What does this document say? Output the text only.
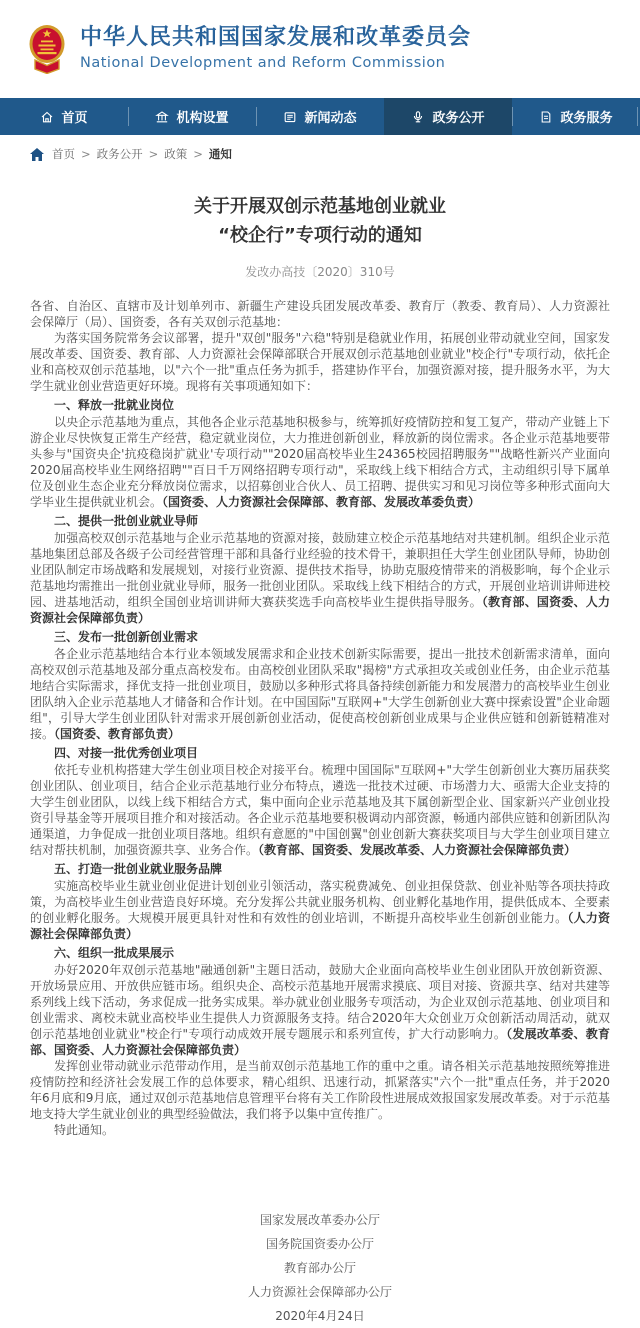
中华人民共和国国家发展和改革委员会
National Development and Reform Commission
首页	机构设置	新闻动态	政务公开	政务服务
首页 > 政务公开 > 政策 > 通知
关于开展双创示范基地创业就业
“校企行”专项行动的通知
发改办高技〔2020〕310号

各省、自治区、直辖市及计划单列市、新疆生产建设兵团发展改革委、教育厅（教委、教育局）、人力资源社会保障厅（局）、国资委，各有关双创示范基地：

为落实国务院常务会议部署，提升"双创"服务"六稳"特别是稳就业作用，拓展创业带动就业空间，国家发展改革委、国资委、教育部、人力资源社会保障部联合开展双创示范基地创业就业"校企行"专项行动，依托企业和高校双创示范基地，以"六个一批"重点任务为抓手，搭建协作平台，加强资源对接，提升服务水平，为大学生就业创业营造更好环境。现将有关事项通知如下：

一、释放一批就业岗位

以央企示范基地为重点，其他各企业示范基地积极参与，统筹抓好疫情防控和复工复产，带动产业链上下游企业尽快恢复正常生产经营，稳定就业岗位，大力推进创新创业，释放新的岗位需求。各企业示范基地要带头参与"国资央企'抗疫稳岗扩就业'专项行动""2020届高校毕业生24365校园招聘服务""战略性新兴产业面向2020届高校毕业生网络招聘""百日千万网络招聘专项行动"，采取线上线下相结合方式，主动组织引导下属单位及创业生态企业充分释放岗位需求，以招募创业合伙人、员工招聘、提供实习和见习岗位等多种形式面向大学毕业生提供就业机会。（国资委、人力资源社会保障部、教育部、发展改革委负责）

二、提供一批创业就业导师

加强高校双创示范基地与企业示范基地的资源对接，鼓励建立校企示范基地结对共建机制。组织企业示范基地集团总部及各级子公司经营管理干部和具备行业经验的技术骨干，兼职担任大学生创业团队导师，协助创业团队制定市场战略和发展规划，对接行业资源、提供技术指导，协助克服疫情带来的消极影响，每个企业示范基地均需推出一批创业就业导师，服务一批创业团队。采取线上线下相结合的方式，开展创业培训讲师进校园、进基地活动，组织全国创业培训讲师大赛获奖选手向高校毕业生提供指导服务。（教育部、国资委、人力资源社会保障部负责）

三、发布一批创新创业需求

各企业示范基地结合本行业本领域发展需求和企业技术创新实际需要，提出一批技术创新需求清单，面向高校双创示范基地及部分重点高校发布。由高校创业团队采取"揭榜"方式承担攻关或创业任务，由企业示范基地结合实际需求，择优支持一批创业项目，鼓励以多种形式将具备持续创新能力和发展潜力的高校毕业生创业团队纳入企业示范基地人才储备和合作计划。在中国国际"互联网+"大学生创新创业大赛中探索设置"企业命题组"，引导大学生创业团队针对需求开展创新创业活动，促使高校创新创业成果与企业供应链和创新链精准对接。（国资委、教育部负责）

四、对接一批优秀创业项目

依托专业机构搭建大学生创业项目校企对接平台。梳理中国国际"互联网+"大学生创新创业大赛历届获奖创业团队、创业项目，结合企业示范基地行业分布特点，遴选一批技术过硬、市场潜力大、亟需大企业支持的大学生创业团队，以线上线下相结合方式，集中面向企业示范基地及其下属创新型企业、国家新兴产业创业投资引导基金等开展项目推介和对接活动。各企业示范基地要积极调动内部资源，畅通内部供应链和创新团队沟通渠道，力争促成一批创业项目落地。组织有意愿的"中国创翼"创业创新大赛获奖项目与大学生创业项目建立结对帮扶机制，加强资源共享、业务合作。（教育部、国资委、发展改革委、人力资源社会保障部负责）

五、打造一批创业就业服务品牌

实施高校毕业生就业创业促进计划创业引领活动，落实税费减免、创业担保贷款、创业补贴等各项扶持政策，为高校毕业生创业营造良好环境。充分发挥公共就业服务机构、创业孵化基地作用，提供低成本、全要素的创业孵化服务。大规模开展更具针对性和有效性的创业培训，不断提升高校毕业生创新创业能力。（人力资源社会保障部负责）

六、组织一批成果展示

办好2020年双创示范基地"融通创新"主题日活动，鼓励大企业面向高校毕业生创业团队开放创新资源、开放场景应用、开放供应链市场。组织央企、高校示范基地开展需求摸底、项目对接、资源共享、结对共建等系列线上线下活动，务求促成一批务实成果。举办就业创业服务专项活动，为企业双创示范基地、创业项目和创业需求、离校未就业高校毕业生提供人力资源服务支持。结合2020年大众创业万众创新活动周活动，就双创示范基地创业就业"校企行"专项行动成效开展专题展示和系列宣传，扩大行动影响力。（发展改革委、教育部、国资委、人力资源社会保障部负责）

发挥创业带动就业示范带动作用，是当前双创示范基地工作的重中之重。请各相关示范基地按照统筹推进疫情防控和经济社会发展工作的总体要求，精心组织、迅速行动，抓紧落实"六个一批"重点任务，并于2020年6月底和9月底，通过双创示范基地信息管理平台将有关工作阶段性进展成效报国家发展改革委。对于示范基地支持大学生就业创业的典型经验做法，我们将予以集中宣传推广。

特此通知。

国家发展改革委办公厅

国务院国资委办公厅

教育部办公厅

人力资源社会保障部办公厅

2020年4月24日
